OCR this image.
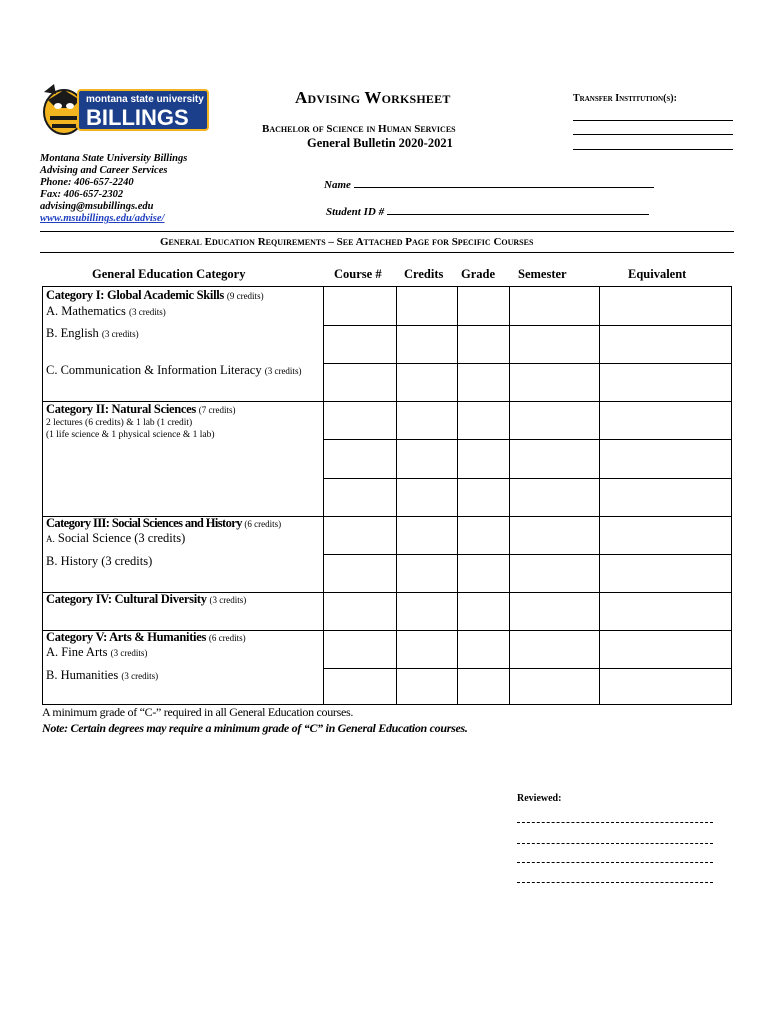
montana state university
BILLINGS
Advising Worksheet	Transfer Institution(s):
Bachelor of Science in Human Services
General Bulletin 2020-2021
Montana State University Billings
Advising and Career Services
Phone: 406-657-2240
Fax: 406-657-2302
advising@msubillings.edu
www.msubillings.edu/advise/
Name
Student ID #
General Education Requirements – See Attached Page for Specific Courses
General Education Category	Course # Credits Grade Semester	Equivalent
Category I: Global Academic Skills (9 credits)
A. Mathematics (3 credits)
B. English (3 credits)
C. Communication & Information Literacy (3 credits)
Category II: Natural Sciences (7 credits)
2 lectures (6 credits) & 1 lab (1 credit)
(1 life science & 1 physical science & 1 lab)
Category III: Social Sciences and History (6 credits)
A. Social Science (3 credits)
B. History (3 credits)
Category IV: Cultural Diversity (3 credits)
Category V: Arts & Humanities (6 credits)
A. Fine Arts (3 credits)
B. Humanities (3 credits)
A minimum grade of “C-” required in all General Education courses.
Note: Certain degrees may require a minimum grade of “C” in General Education courses.
Reviewed:
